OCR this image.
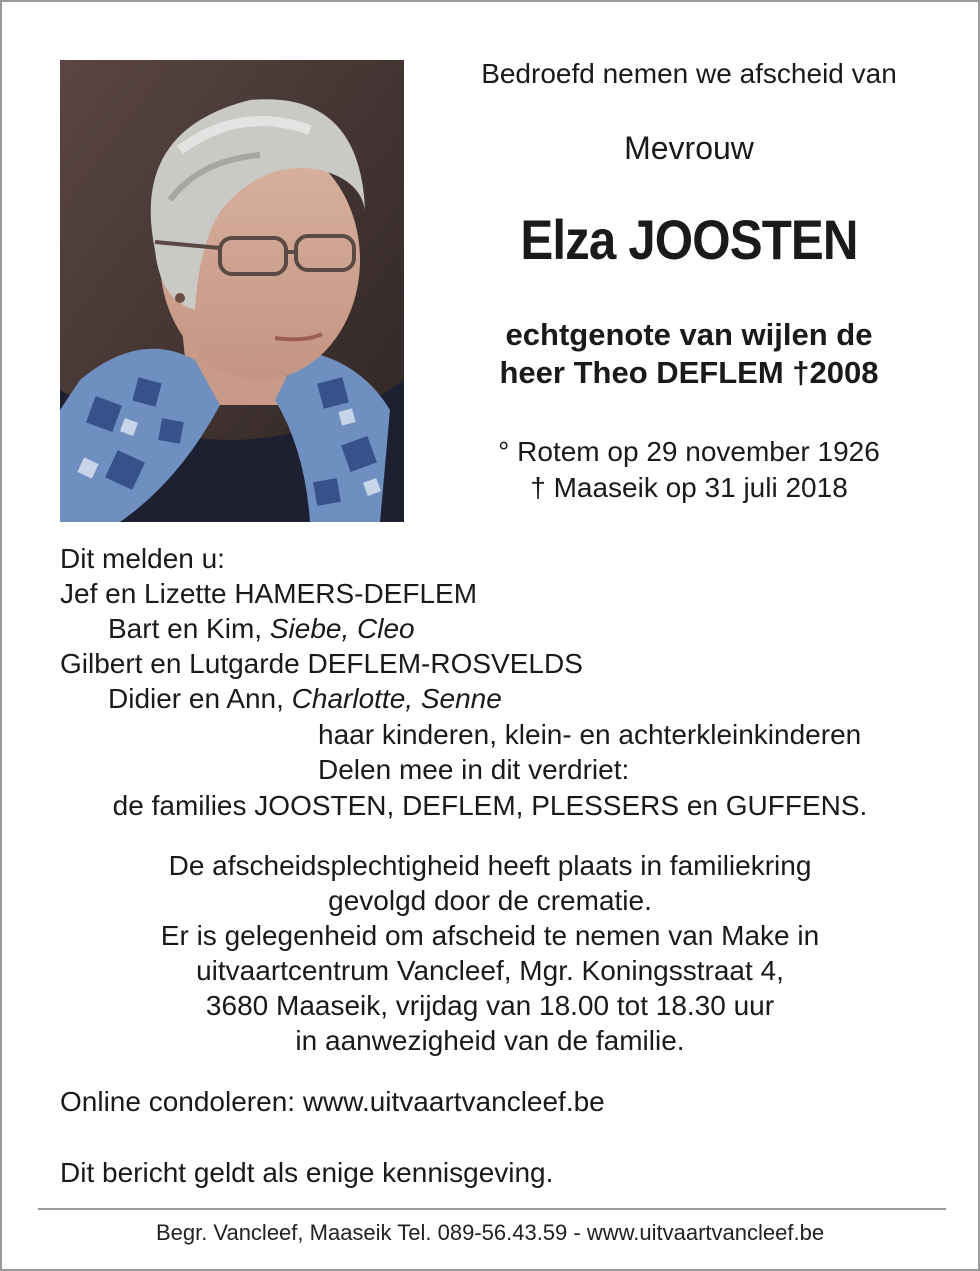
Bedroefd nemen we afscheid van
Mevrouw
Elza JOOSTEN
echtgenote van wijlen de
heer Theo DEFLEM †2008
° Rotem op 29 november 1926
† Maaseik op 31 juli 2018
Dit melden u:
Jef en Lizette HAMERS-DEFLEM
Bart en Kim, Siebe, Cleo
Gilbert en Lutgarde DEFLEM-ROSVELDS
Didier en Ann, Charlotte, Senne
haar kinderen, klein- en achterkleinkinderen
Delen mee in dit verdriet:
de families JOOSTEN, DEFLEM, PLESSERS en GUFFENS.
De afscheidsplechtigheid heeft plaats in familiekring
gevolgd door de crematie.
Er is gelegenheid om afscheid te nemen van Make in
uitvaartcentrum Vancleef, Mgr. Koningsstraat 4,
3680 Maaseik, vrijdag van 18.00 tot 18.30 uur
in aanwezigheid van de familie.
Online condoleren: www.uitvaartvancleef.be
Dit bericht geldt als enige kennisgeving.
Begr. Vancleef, Maaseik Tel. 089-56.43.59 - www.uitvaartvancleef.be
